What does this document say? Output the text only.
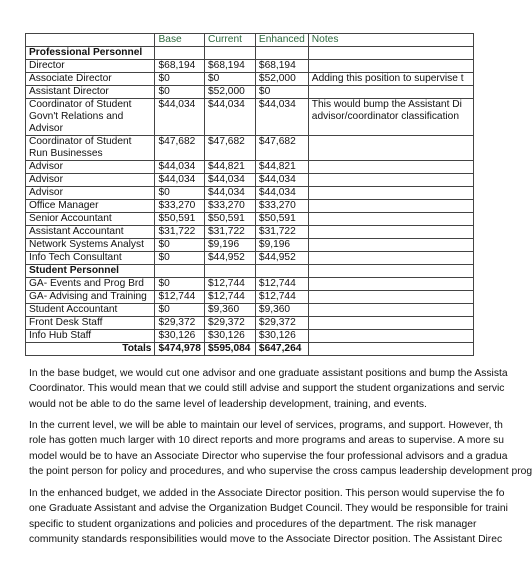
	Base	Current	Enhanced	Notes
Professional Personnel				
Director	$68,194	$68,194	$68,194	
Associate Director	$0	$0	$52,000	Adding this position to supervise t
Assistant Director	$0	$52,000	$0	
Coordinator of Student Govn't Relations and Advisor	$44,034	$44,034	$44,034	This would bump the Assistant Di advisor/coordinator classification
Coordinator of Student Run Businesses	$47,682	$47,682	$47,682	
Advisor	$44,034	$44,821	$44,821	
Advisor	$44,034	$44,034	$44,034	
Advisor	$0	$44,034	$44,034	
Office Manager	$33,270	$33,270	$33,270	
Senior Accountant	$50,591	$50,591	$50,591	
Assistant Accountant	$31,722	$31,722	$31,722	
Network Systems Analyst	$0	$9,196	$9,196	
Info Tech Consultant	$0	$44,952	$44,952	
Student Personnel				
GA- Events and Prog Brd	$0	$12,744	$12,744	
GA- Advising and Training	$12,744	$12,744	$12,744	
Student Accountant	$0	$9,360	$9,360	
Front Desk Staff	$29,372	$29,372	$29,372	
Info Hub Staff	$30,126	$30,126	$30,126	
Totals	$474,978	$595,084	$647,264	

In the base budget, we would cut one advisor and one graduate assistant positions and bump the Assista
Coordinator. This would mean that we could still advise and support the student organizations and servic
would not be able to do the same level of leadership development, training, and events.

In the current level, we will be able to maintain our level of services, programs, and support. However, th
role has gotten much larger with 10 direct reports and more programs and areas to supervise. A more su
model would be to have an Associate Director who supervise the four professional advisors and a gradua
the point person for policy and procedures, and who supervise the cross campus leadership development prog

In the enhanced budget, we added in the Associate Director position. This person would supervise the fo
one Graduate Assistant and advise the Organization Budget Council. They would be responsible for traini
specific to student organizations and policies and procedures of the department. The risk manager
community standards responsibilities would move to the Associate Director position. The Assistant Direc
